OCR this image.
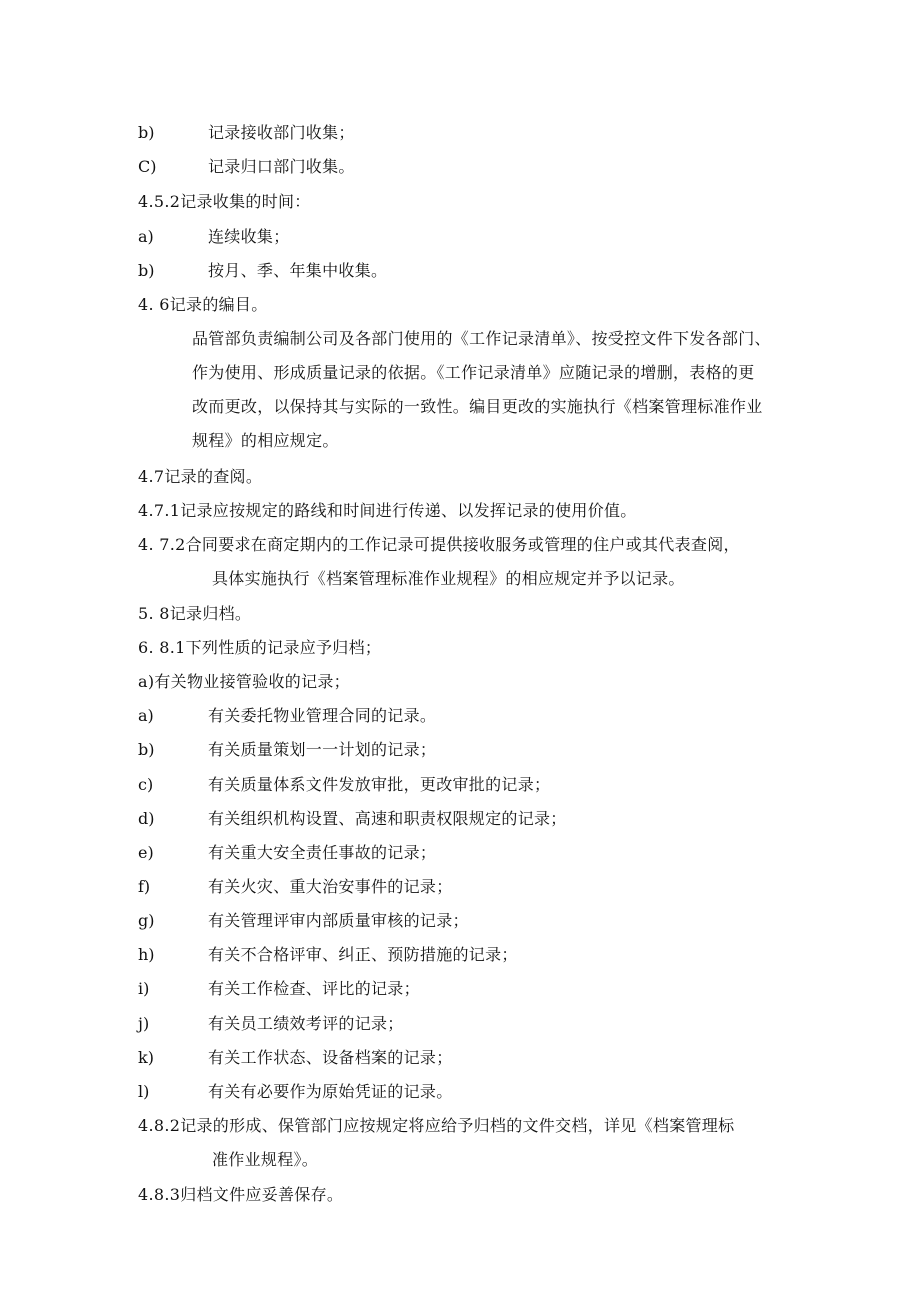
b)	记录接收部门收集；
C)	记录归口部门收集。
4.5.2记录收集的时间：
a)	连续收集；
b)	按月、季、年集中收集。
4. 6记录的编目。
品管部负责编制公司及各部门使用的《工作记录清单》、按受控文件下发各部门、
作为使用、形成质量记录的依据。《工作记录清单》应随记录的增删，表格的更
改而更改，以保持其与实际的一致性。编目更改的实施执行《档案管理标准作业
规程》的相应规定。
4.7记录的查阅。
4.7.1记录应按规定的路线和时间进行传递、以发挥记录的使用价值。
4. 7.2合同要求在商定期内的工作记录可提供接收服务或管理的住户或其代表查阅，
具体实施执行《档案管理标准作业规程》的相应规定并予以记录。
5. 8记录归档。
6. 8.1下列性质的记录应予归档；
a)有关物业接管验收的记录；
a)	有关委托物业管理合同的记录。
b)	有关质量策划一一计划的记录；
c)	有关质量体系文件发放审批，更改审批的记录；
d)	有关组织机构设置、高速和职责权限规定的记录；
e)	有关重大安全责任事故的记录；
f)	有关火灾、重大治安事件的记录；
g)	有关管理评审内部质量审核的记录；
h)	有关不合格评审、纠正、预防措施的记录；
i)	有关工作检查、评比的记录；
j)	有关员工绩效考评的记录；
k)	有关工作状态、设备档案的记录；
l)	有关有必要作为原始凭证的记录。
4.8.2记录的形成、保管部门应按规定将应给予归档的文件交档，详见《档案管理标
准作业规程》。
4.8.3归档文件应妥善保存。
